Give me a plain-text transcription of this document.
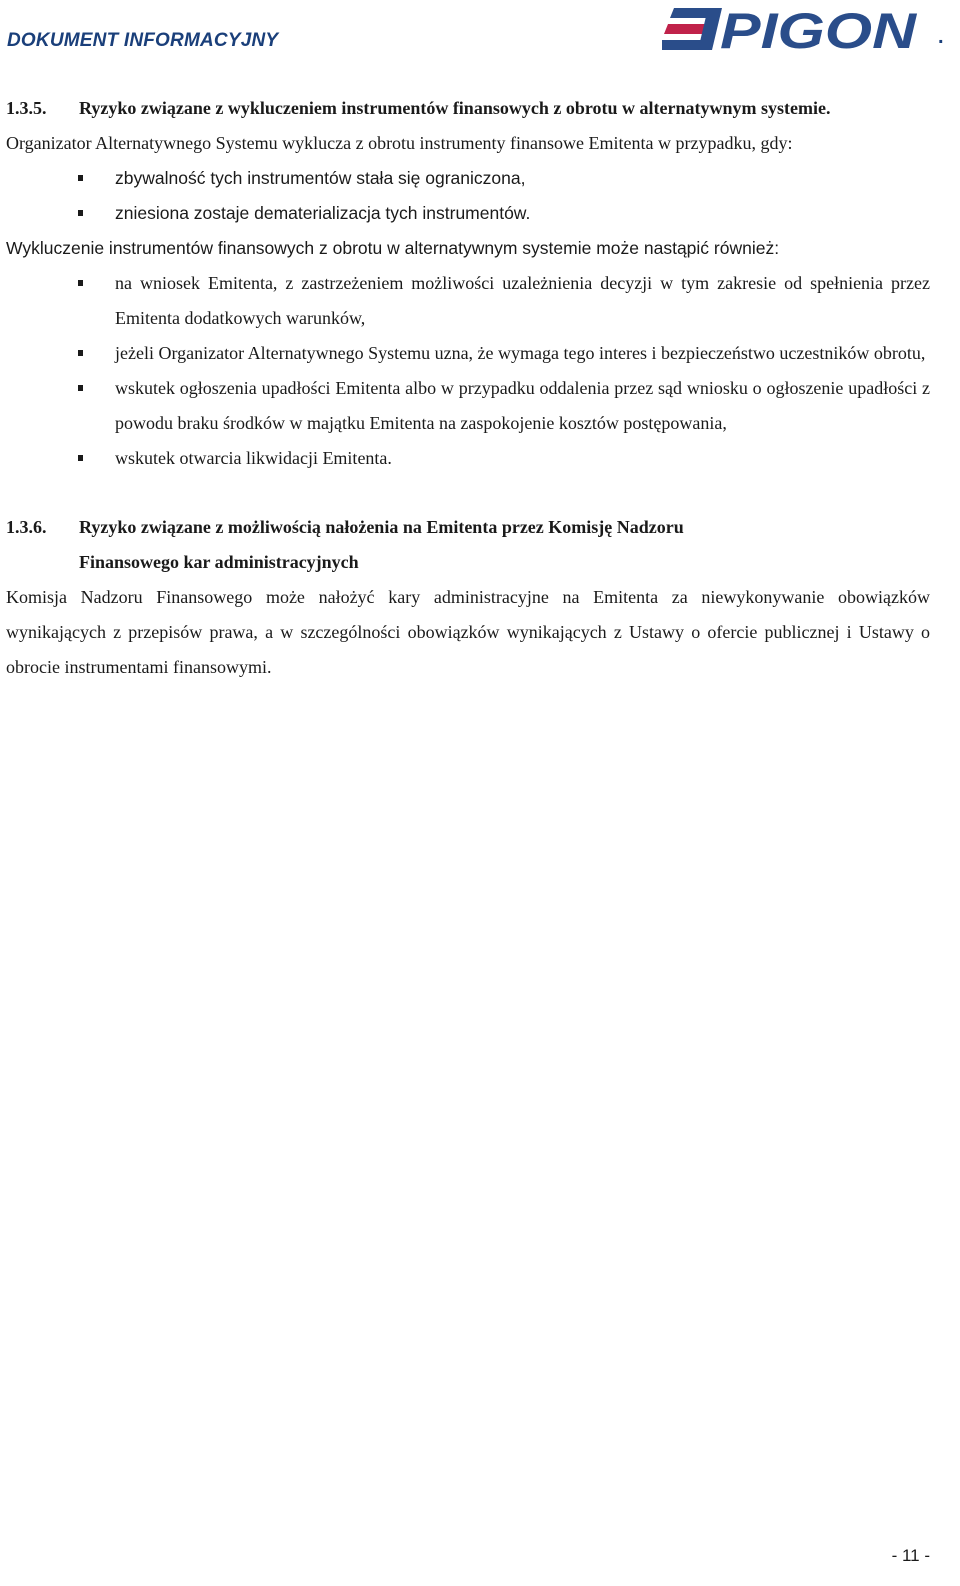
DOKUMENT INFORMACYJNY	PIGON .
1.3.5.	Ryzyko związane z wykluczeniem instrumentów finansowych z obrotu w alternatywnym systemie.

Organizator Alternatywnego Systemu wyklucza z obrotu instrumenty finansowe Emitenta w przypadku, gdy:

zbywalność tych instrumentów stała się ograniczona,
zniesiona zostaje dematerializacja tych instrumentów.

Wykluczenie instrumentów finansowych z obrotu w alternatywnym systemie może nastąpić również:

na wniosek Emitenta, z zastrzeżeniem możliwości uzależnienia decyzji w tym zakresie od spełnienia przez Emitenta dodatkowych warunków,
jeżeli Organizator Alternatywnego Systemu uzna, że wymaga tego interes i bezpieczeństwo uczestników obrotu,
wskutek ogłoszenia upadłości Emitenta albo w przypadku oddalenia przez sąd wniosku o ogłoszenie upadłości z powodu braku środków w majątku Emitenta na zaspokojenie kosztów postępowania,
wskutek otwarcia likwidacji Emitenta.
1.3.6.	Ryzyko związane z możliwością nałożenia na Emitenta przez Komisję Nadzoru Finansowego kar administracyjnych

Komisja Nadzoru Finansowego może nałożyć kary administracyjne na Emitenta za niewykonywanie obowiązków wynikających z przepisów prawa, a w szczególności obowiązków wynikających z Ustawy o ofercie publicznej i Ustawy o obrocie instrumentami finansowymi.

- 11 -
